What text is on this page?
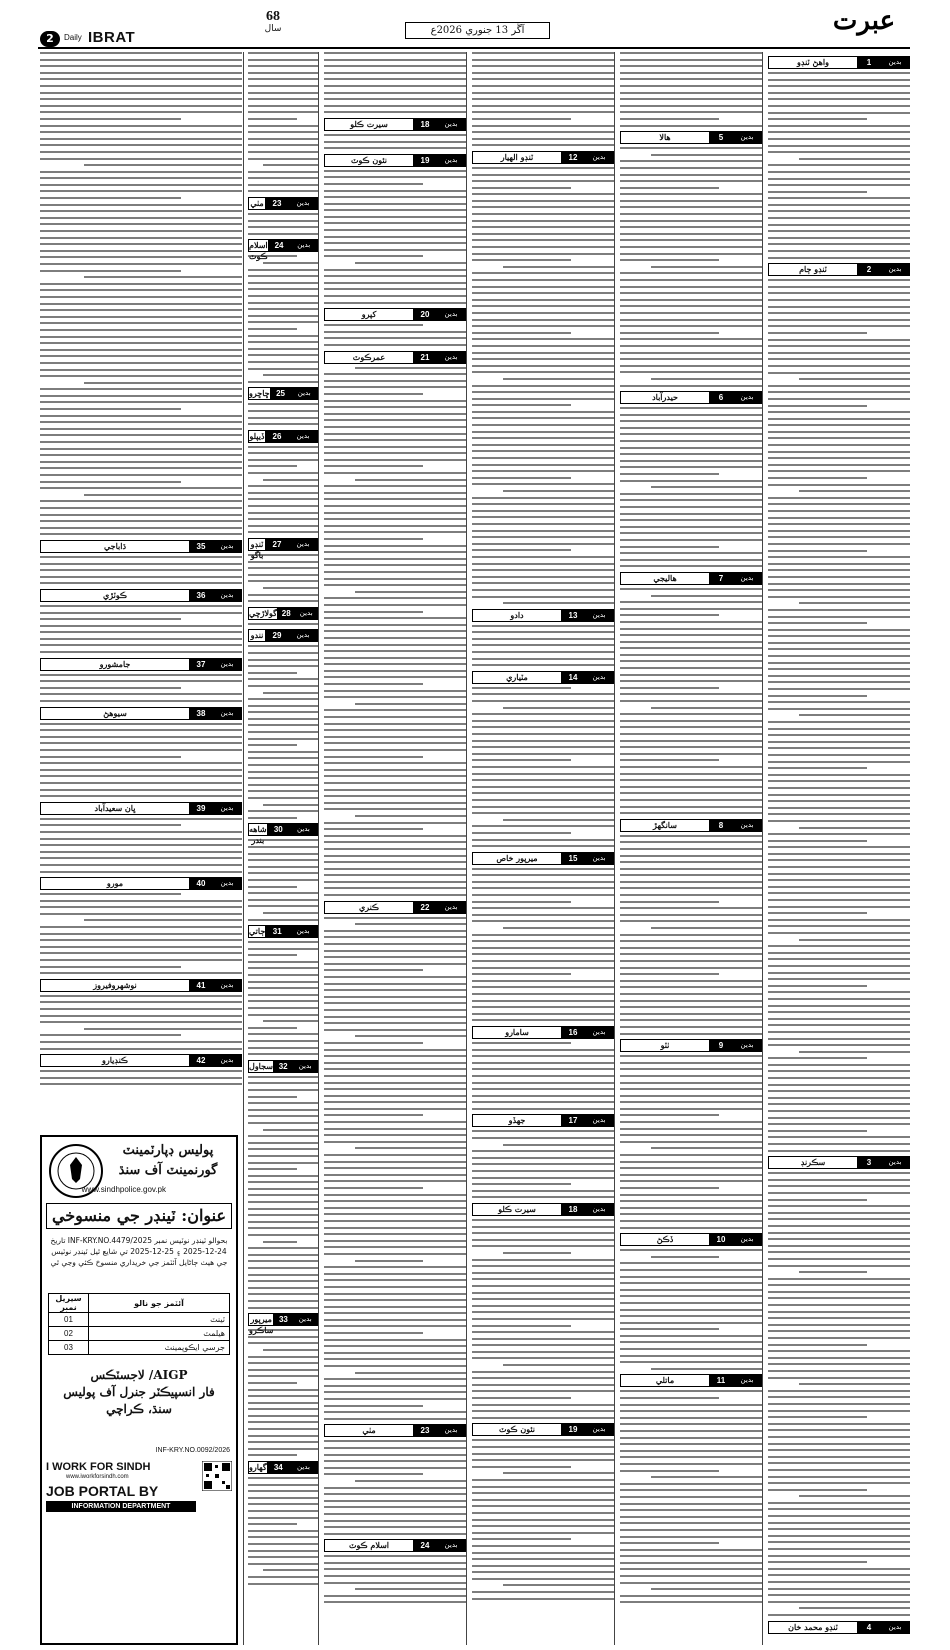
عبرت
آڱر 13 جنوري 2026ع
68
سال
2	Daily IBRAT
بدين
1
واهڻ ٽنڊو
بدين
2
ٽنڊو ڄام
بدين
3
سڪرنڊ
بدين
4
ٽنڊو محمد خان
بدين
5
هالا
بدين
6
حيدرآباد
بدين
7
هاليجي
بدين
8
سانگھڙ
بدين
9
ٺٽو
بدين
10
ڏڪڻ
بدين
11
ماتلي
بدين
12
ٽنڊو الهيار
بدين
13
دادو
بدين
14
مٽياري
بدين
15
ميرپور خاص
بدين
16
سامارو
بدين
17
جھڏو
بدين
18
سيرت ڪلو
بدين
19
نئون ڪوٽ
بدين
18
سيرت ڪلو
بدين
19
نئون ڪوٽ
بدين
20
کپرو
بدين
21
عمرڪوٽ
بدين
22
ڪنري
بدين
23
مٺي
بدين
24
اسلام ڪوٽ
بدين
23
مٺي
بدين
24
اسلام ڪوٽ
بدين
25
ڇاڇرو
بدين
26
ڏيپلو
بدين
27
ٽنڊو باگو
بدين
28
گولاڙچي
بدين
29
نندو
بدين
30
شاهه بندر
بدين
31
ڄاتي
بدين
32
سجاول
بدين
33
ميرپور ساڪرو
بدين
34
گهارو
بدين
35
ڌاباجي
بدين
36
ڪوٽڙي
بدين
37
جامشورو
بدين
38
سيوهڻ
بدين
39
ڀان سعيدآباد
بدين
40
مورو
بدين
41
نوشهروفيروز
بدين
42
ڪنڊيارو
پوليس ڊپارٽمينٽ
گورنمينٽ آف سنڌ
www.sindhpolice.gov.pk
عنوان: ٽينڊر جي منسوخي
بحوالو ٽينڊر نوٽيس نمبر INF-KRY.NO.4479/2025 تاريخ 24-12-2025 ۽ 25-12-2025 تي شايع ٿيل ٽينڊر نوٽيس جي هيٺ ڄاڻايل آئٽمز جي خريداري منسوخ ڪئي وڃي ٿي
سيريل نمبر	آئٽمز جو نالو
01	ٽينٽ
02	هيلمٽ
03	جرسي ايڪوپمينٽ
AIGP/ لاجسٽڪس
فار انسپيڪٽر جنرل آف پوليس
سنڌ، ڪراچي
INF-KRY.NO.0092/2026
I WORK FOR SINDH
www.iworkforsindh.com
JOB PORTAL BY
INFORMATION DEPARTMENT
